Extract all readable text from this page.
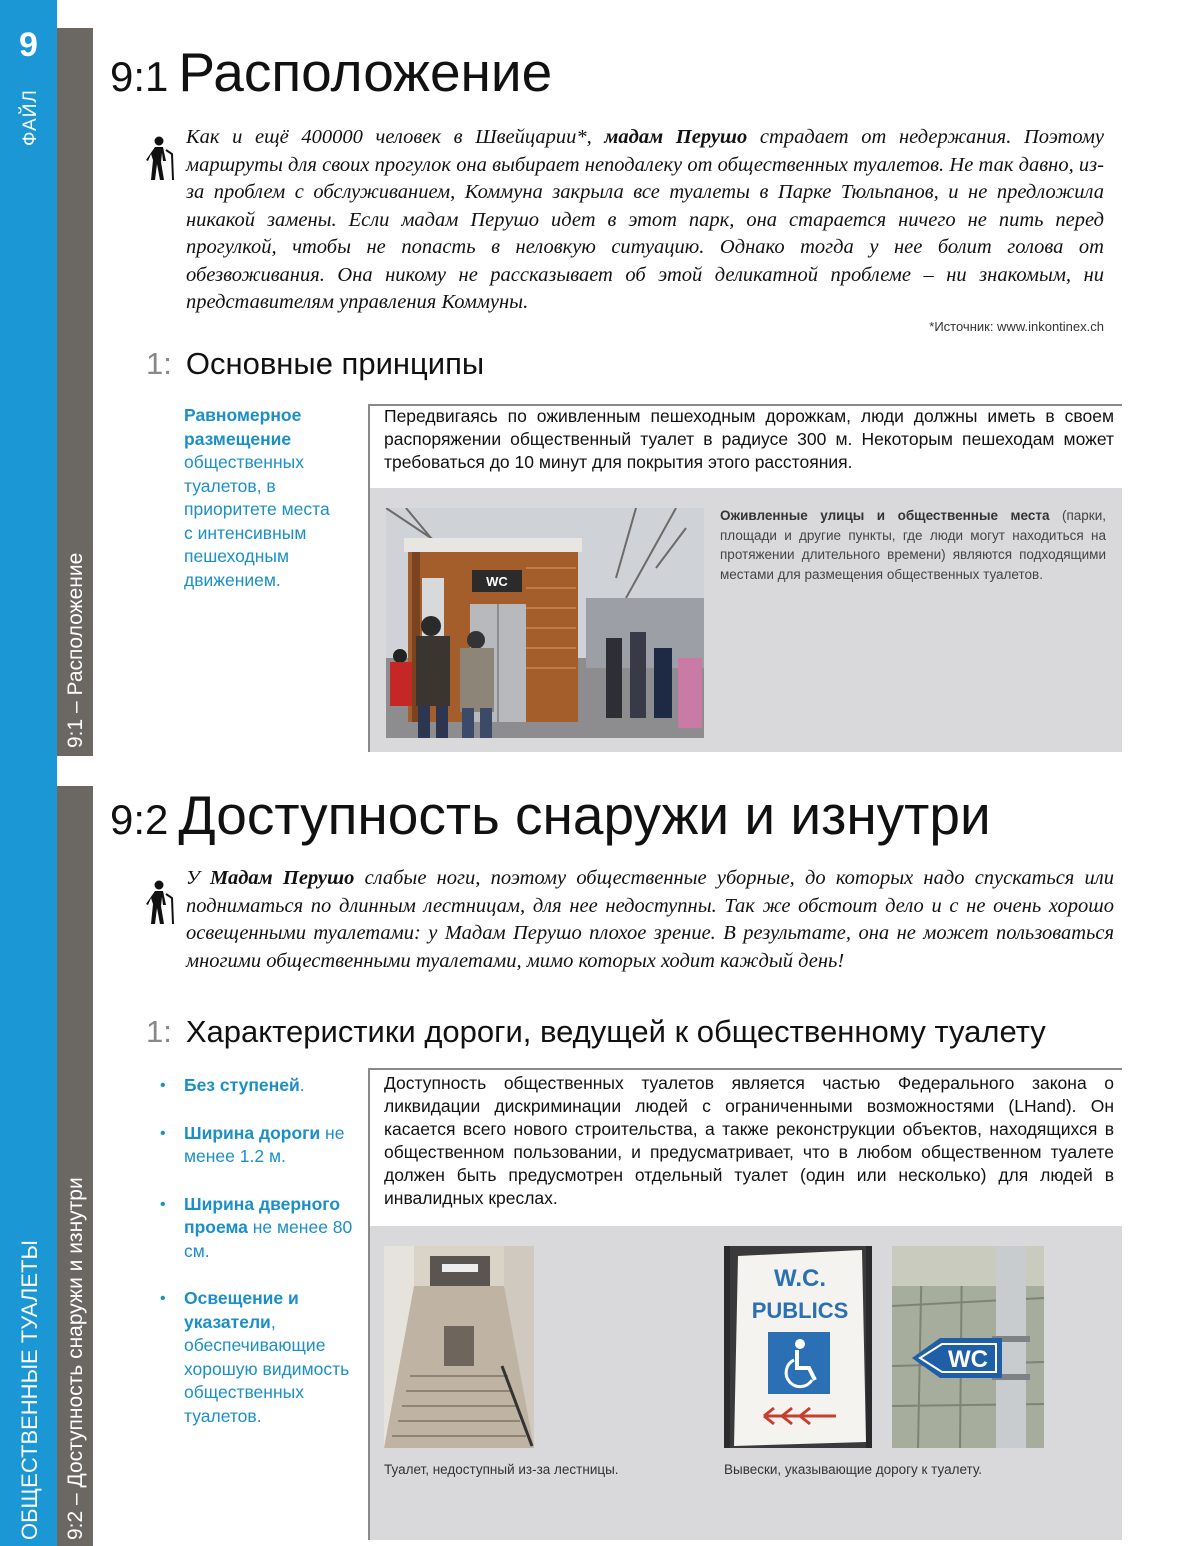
9
ФАЙЛ
9:1 – Расположение
9:2 – Доступность снаружи и изнутри
ОБЩЕСТВЕННЫЕ ТУАЛЕТЫ
9:1 Расположение

Как и ещё 400000 человек в Швейцарии*, мадам Перушо страдает от недержания. Поэтому маршруты для своих прогулок она выбирает неподалеку от общественных туалетов. Не так давно, из-за проблем с обслуживанием, Коммуна закрыла все туалеты в Парке Тюльпанов, и не предложила никакой замены. Если мадам Перушо идет в этот парк, она старается ничего не пить перед прогулкой, чтобы не попасть в неловкую ситуацию. Однако тогда у нее болит голова от обезвоживания. Она никому не рассказывает об этой деликатной проблеме – ни знакомым, ни представителям управления Коммуны.

*Источник: www.inkontinex.ch
1: Основные принципы
Равномерное размещение общественных туалетов, в приоритете места с интенсивным пешеходным движением.

Передвигаясь по оживленным пешеходным дорожкам, люди должны иметь в своем распоряжении общественный туалет в радиусе 300 м. Некоторым пешеходам может требоваться до 10 минут для покрытия этого расстояния.

WC
Оживленные улицы и общественные места (парки, площади и другие пункты, где люди могут находиться на протяжении длительного времени) являются подходящими местами для размещения общественных туалетов.
9:2 Доступность снаружи и изнутри

У Мадам Перушо слабые ноги, поэтому общественные уборные, до которых надо спускаться или подниматься по длинным лестницам, для нее недоступны. Так же обстоит дело и с не очень хорошо освещенными туалетами: у Мадам Перушо плохое зрение. В результате, она не может пользоваться многими общественными туалетами, мимо которых ходит каждый день!

1: Характеристики дороги, ведущей к общественному туалету
• Без ступеней.
• Ширина дороги не менее 1.2 м.
• Ширина дверного проема не менее 80 см.
• Освещение и указатели, обеспечивающие хорошую видимость общественных туалетов.

Доступность общественных туалетов является частью Федерального закона о ликвидации дискриминации людей с ограниченными возможностями (LHand). Он касается всего нового строительства, а также реконструкции объектов, находящихся в общественном пользовании, и предусматривает, что в любом общественном туалете должен быть предусмотрен отдельный туалет (один или несколько) для людей в инвалидных креслах.

W.C.
PUBLICS
WC
Туалет, недоступный из-за лестницы.	Вывески, указывающие дорогу к туалету.
